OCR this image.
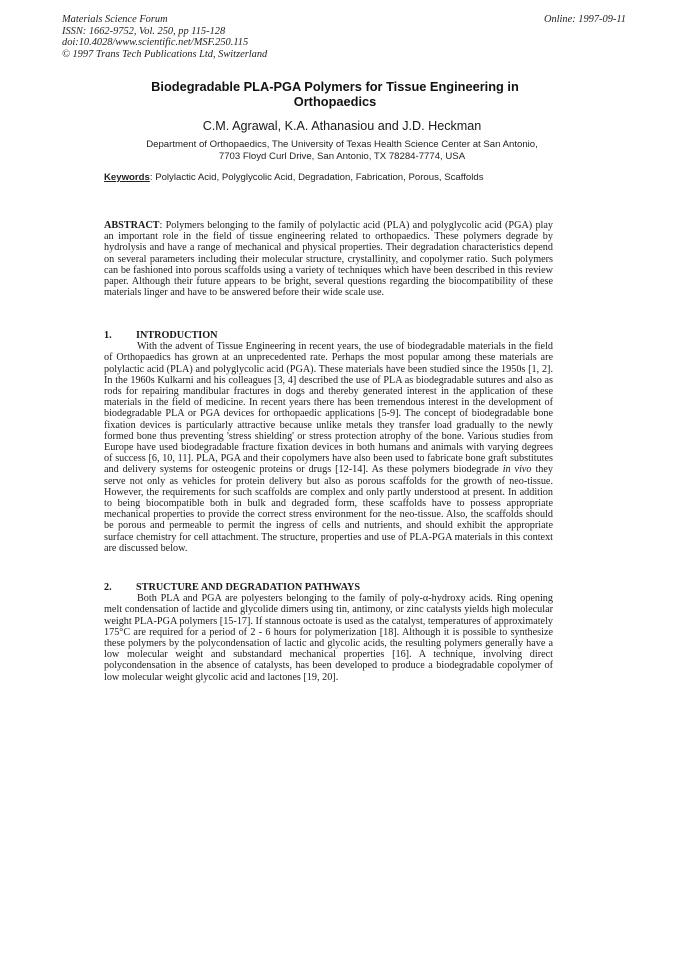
Materials Science Forum
ISSN: 1662-9752, Vol. 250, pp 115-128
doi:10.4028/www.scientific.net/MSF.250.115
© 1997 Trans Tech Publications Ltd, Switzerland
Online: 1997-09-11
Biodegradable PLA-PGA Polymers for Tissue Engineering in Orthopaedics
C.M. Agrawal, K.A. Athanasiou and J.D. Heckman
Department of Orthopaedics, The University of Texas Health Science Center at San Antonio,
7703 Floyd Curl Drive, San Antonio, TX 78284-7774, USA
Keywords: Polylactic Acid, Polyglycolic Acid, Degradation, Fabrication, Porous, Scaffolds
ABSTRACT: Polymers belonging to the family of polylactic acid (PLA) and polyglycolic acid (PGA) play an important role in the field of tissue engineering related to orthopaedics. These polymers degrade by hydrolysis and have a range of mechanical and physical properties. Their degradation characteristics depend on several parameters including their molecular structure, crystallinity, and copolymer ratio. Such polymers can be fashioned into porous scaffolds using a variety of techniques which have been described in this review paper. Although their future appears to be bright, several questions regarding the biocompatibility of these materials linger and have to be answered before their wide scale use.
1. INTRODUCTION
With the advent of Tissue Engineering in recent years, the use of biodegradable materials in the field of Orthopaedics has grown at an unprecedented rate. Perhaps the most popular among these materials are polylactic acid (PLA) and polyglycolic acid (PGA). These materials have been studied since the 1950s [1, 2]. In the 1960s Kulkarni and his colleagues [3, 4] described the use of PLA as biodegradable sutures and also as rods for repairing mandibular fractures in dogs and thereby generated interest in the application of these materials in the field of medicine. In recent years there has been tremendous interest in the development of biodegradable PLA or PGA devices for orthopaedic applications [5-9]. The concept of biodegradable bone fixation devices is particularly attractive because unlike metals they transfer load gradually to the newly formed bone thus preventing 'stress shielding' or stress protection atrophy of the bone. Various studies from Europe have used biodegradable fracture fixation devices in both humans and animals with varying degrees of success [6, 10, 11]. PLA, PGA and their copolymers have also been used to fabricate bone graft substitutes and delivery systems for osteogenic proteins or drugs [12-14]. As these polymers biodegrade in vivo they serve not only as vehicles for protein delivery but also as porous scaffolds for the growth of neo-tissue. However, the requirements for such scaffolds are complex and only partly understood at present. In addition to being biocompatible both in bulk and degraded form, these scaffolds have to possess appropriate mechanical properties to provide the correct stress environment for the neo-tissue. Also, the scaffolds should be porous and permeable to permit the ingress of cells and nutrients, and should exhibit the appropriate surface chemistry for cell attachment. The structure, properties and use of PLA-PGA materials in this context are discussed below.
2. STRUCTURE AND DEGRADATION PATHWAYS
Both PLA and PGA are polyesters belonging to the family of poly-α-hydroxy acids. Ring opening melt condensation of lactide and glycolide dimers using tin, antimony, or zinc catalysts yields high molecular weight PLA-PGA polymers [15-17]. If stannous octoate is used as the catalyst, temperatures of approximately 175°C are required for a period of 2 - 6 hours for polymerization [18]. Although it is possible to synthesize these polymers by the polycondensation of lactic and glycolic acids, the resulting polymers generally have a low molecular weight and substandard mechanical properties [16]. A technique, involving direct polycondensation in the absence of catalysts, has been developed to produce a biodegradable copolymer of low molecular weight glycolic acid and lactones [19, 20].
